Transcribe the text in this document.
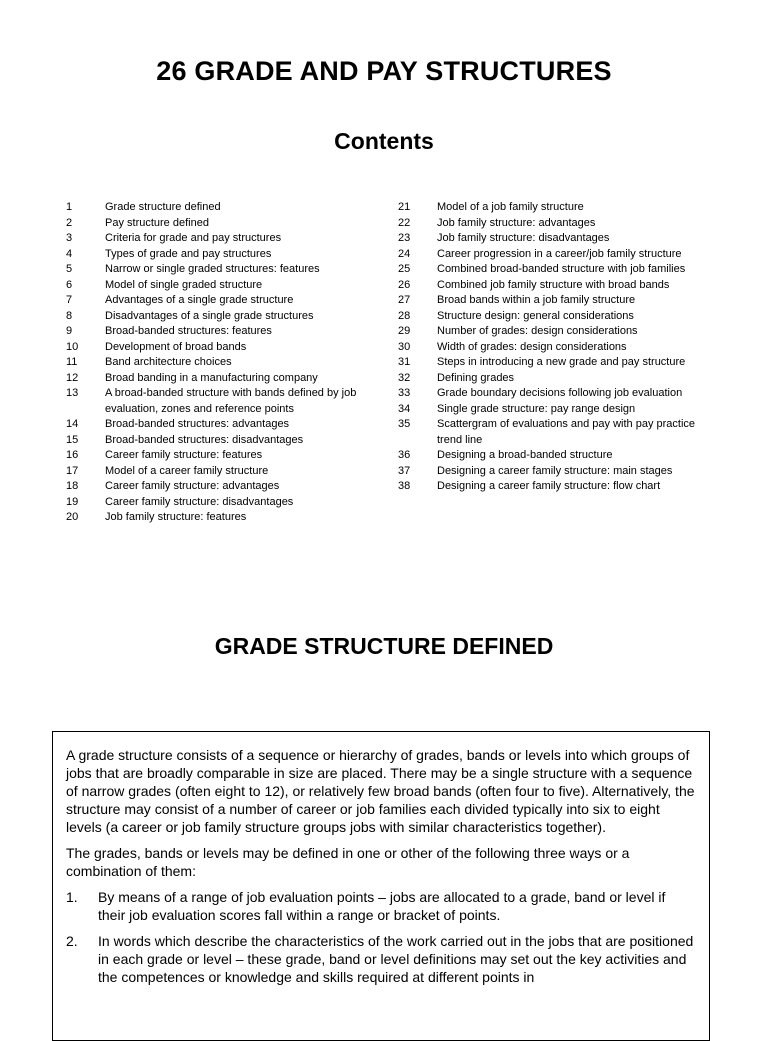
26 GRADE AND PAY STRUCTURES
Contents
1	Grade structure defined
2	Pay structure defined
3	Criteria for grade and pay structures
4	Types of grade and pay structures
5	Narrow or single graded structures: features
6	Model of single graded structure
7	Advantages of a single grade structure
8	Disadvantages of a single grade structures
9	Broad-banded structures: features
10	Development of broad bands
11	Band architecture choices
12	Broad banding in a manufacturing company
13	A broad-banded structure with bands defined by job evaluation, zones and reference points
14	Broad-banded structures: advantages
15	Broad-banded structures: disadvantages
16	Career family structure: features
17	Model of a career family structure
18	Career family structure: advantages
19	Career family structure: disadvantages
20	Job family structure: features
21	Model of a job family structure
22	Job family structure: advantages
23	Job family structure: disadvantages
24	Career progression in a career/job family structure
25	Combined broad-banded structure with job families
26	Combined job family structure with broad bands
27	Broad bands within a job family structure
28	Structure design: general considerations
29	Number of grades: design considerations
30	Width of grades: design considerations
31	Steps in introducing a new grade and pay structure
32	Defining grades
33	Grade boundary decisions following job evaluation
34	Single grade structure: pay range design
35	Scattergram of evaluations and pay with pay practice trend line
36	Designing a broad-banded structure
37	Designing a career family structure: main stages
38	Designing a career family structure: flow chart
GRADE STRUCTURE DEFINED

A grade structure consists of a sequence or hierarchy of grades, bands or levels into which groups of jobs that are broadly comparable in size are placed. There may be a single structure with a sequence of narrow grades (often eight to 12), or relatively few broad bands (often four to five). Alternatively, the structure may consist of a number of career or job families each divided typically into six to eight levels (a career or job family structure groups jobs with similar characteristics together).

The grades, bands or levels may be defined in one or other of the following three ways or a combination of them:

1.	By means of a range of job evaluation points – jobs are allocated to a grade, band or level if
their job evaluation scores fall within a range or bracket of points.
2.	In words which describe the characteristics of the work carried out in the jobs that are positioned in each grade or level – these grade, band or level definitions may set out the key activities and the competences or knowledge and skills required at different points in
